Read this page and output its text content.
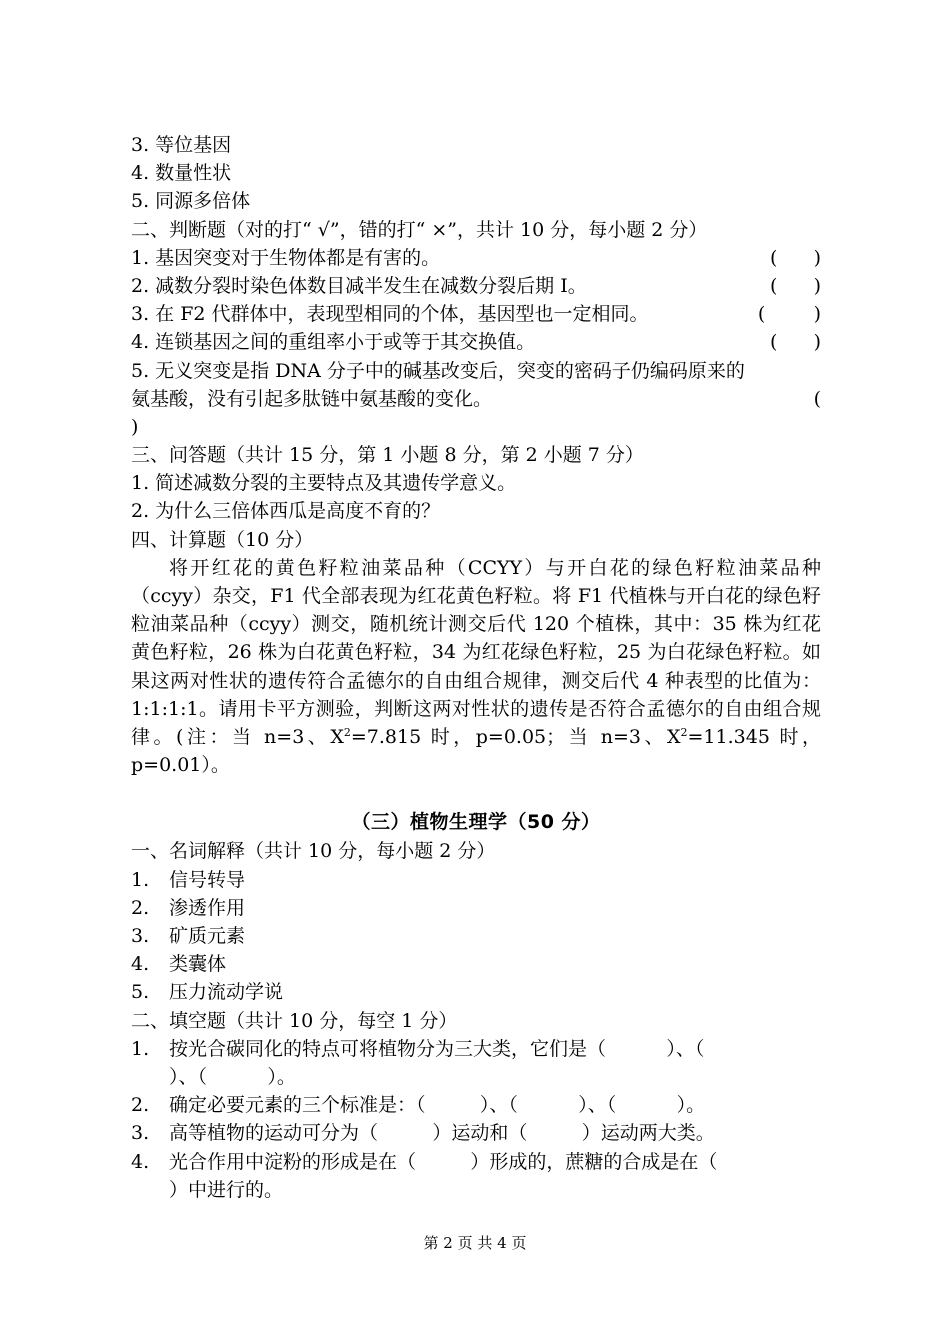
3. 等位基因
4. 数量性状
5. 同源多倍体
二、判断题（对的打“ √”，错的打“ ×”，共计 10 分，每小题 2 分）
1. 基因突变对于生物体都是有害的。	(      )
2. 减数分裂时染色体数目减半发生在减数分裂后期 I。	(      )
3. 在 F2 代群体中，表现型相同的个体，基因型也一定相同。	(        )
4. 连锁基因之间的重组率小于或等于其交换值。	(      )
5. 无义突变是指 DNA 分子中的碱基改变后，突变的密码子仍编码原来的
氨基酸，没有引起多肽链中氨基酸的变化。	(
)
三、问答题（共计 15 分，第 1 小题 8 分，第 2 小题 7 分）
1. 简述减数分裂的主要特点及其遗传学意义。
2. 为什么三倍体西瓜是高度不育的？
四、计算题（10 分）
将开红花的黄色籽粒油菜品种（CCYY）与开白花的绿色籽粒油菜品种（ccyy）杂交，F1 代全部表现为红花黄色籽粒。将 F1 代植株与开白花的绿色籽粒油菜品种（ccyy）测交，随机统计测交后代 120 个植株，其中：35 株为红花黄色籽粒，26 株为白花黄色籽粒，34 为红花绿色籽粒，25 为白花绿色籽粒。如果这两对性状的遗传符合孟德尔的自由组合规律，测交后代 4 种表型的比值为：1:1:1:1。请用卡平方测验，判断这两对性状的遗传是否符合孟德尔的自由组合规律。(注：当 n=3、$X^2=7.815$ 时，p=0.05；当 n=3、$X^2=11.345$ 时，p=0.01）。
（三）植物生理学（50 分）
一、名词解释（共计 10 分，每小题 2 分）
1. 信号转导
2. 渗透作用
3. 矿质元素
4. 类囊体
5. 压力流动学说
二、填空题（共计 10 分，每空 1 分）
1. 按光合碳同化的特点可将植物分为三大类，它们是（          ）、（
）、（          ）。
2. 确定必要元素的三个标准是：（         ）、（          ）、（          ）。
3. 高等植物的运动可分为（         ）运动和（         ）运动两大类。
4. 光合作用中淀粉的形成是在（         ）形成的，蔗糖的合成是在（
）中进行的。
第 2 页 共 4 页
